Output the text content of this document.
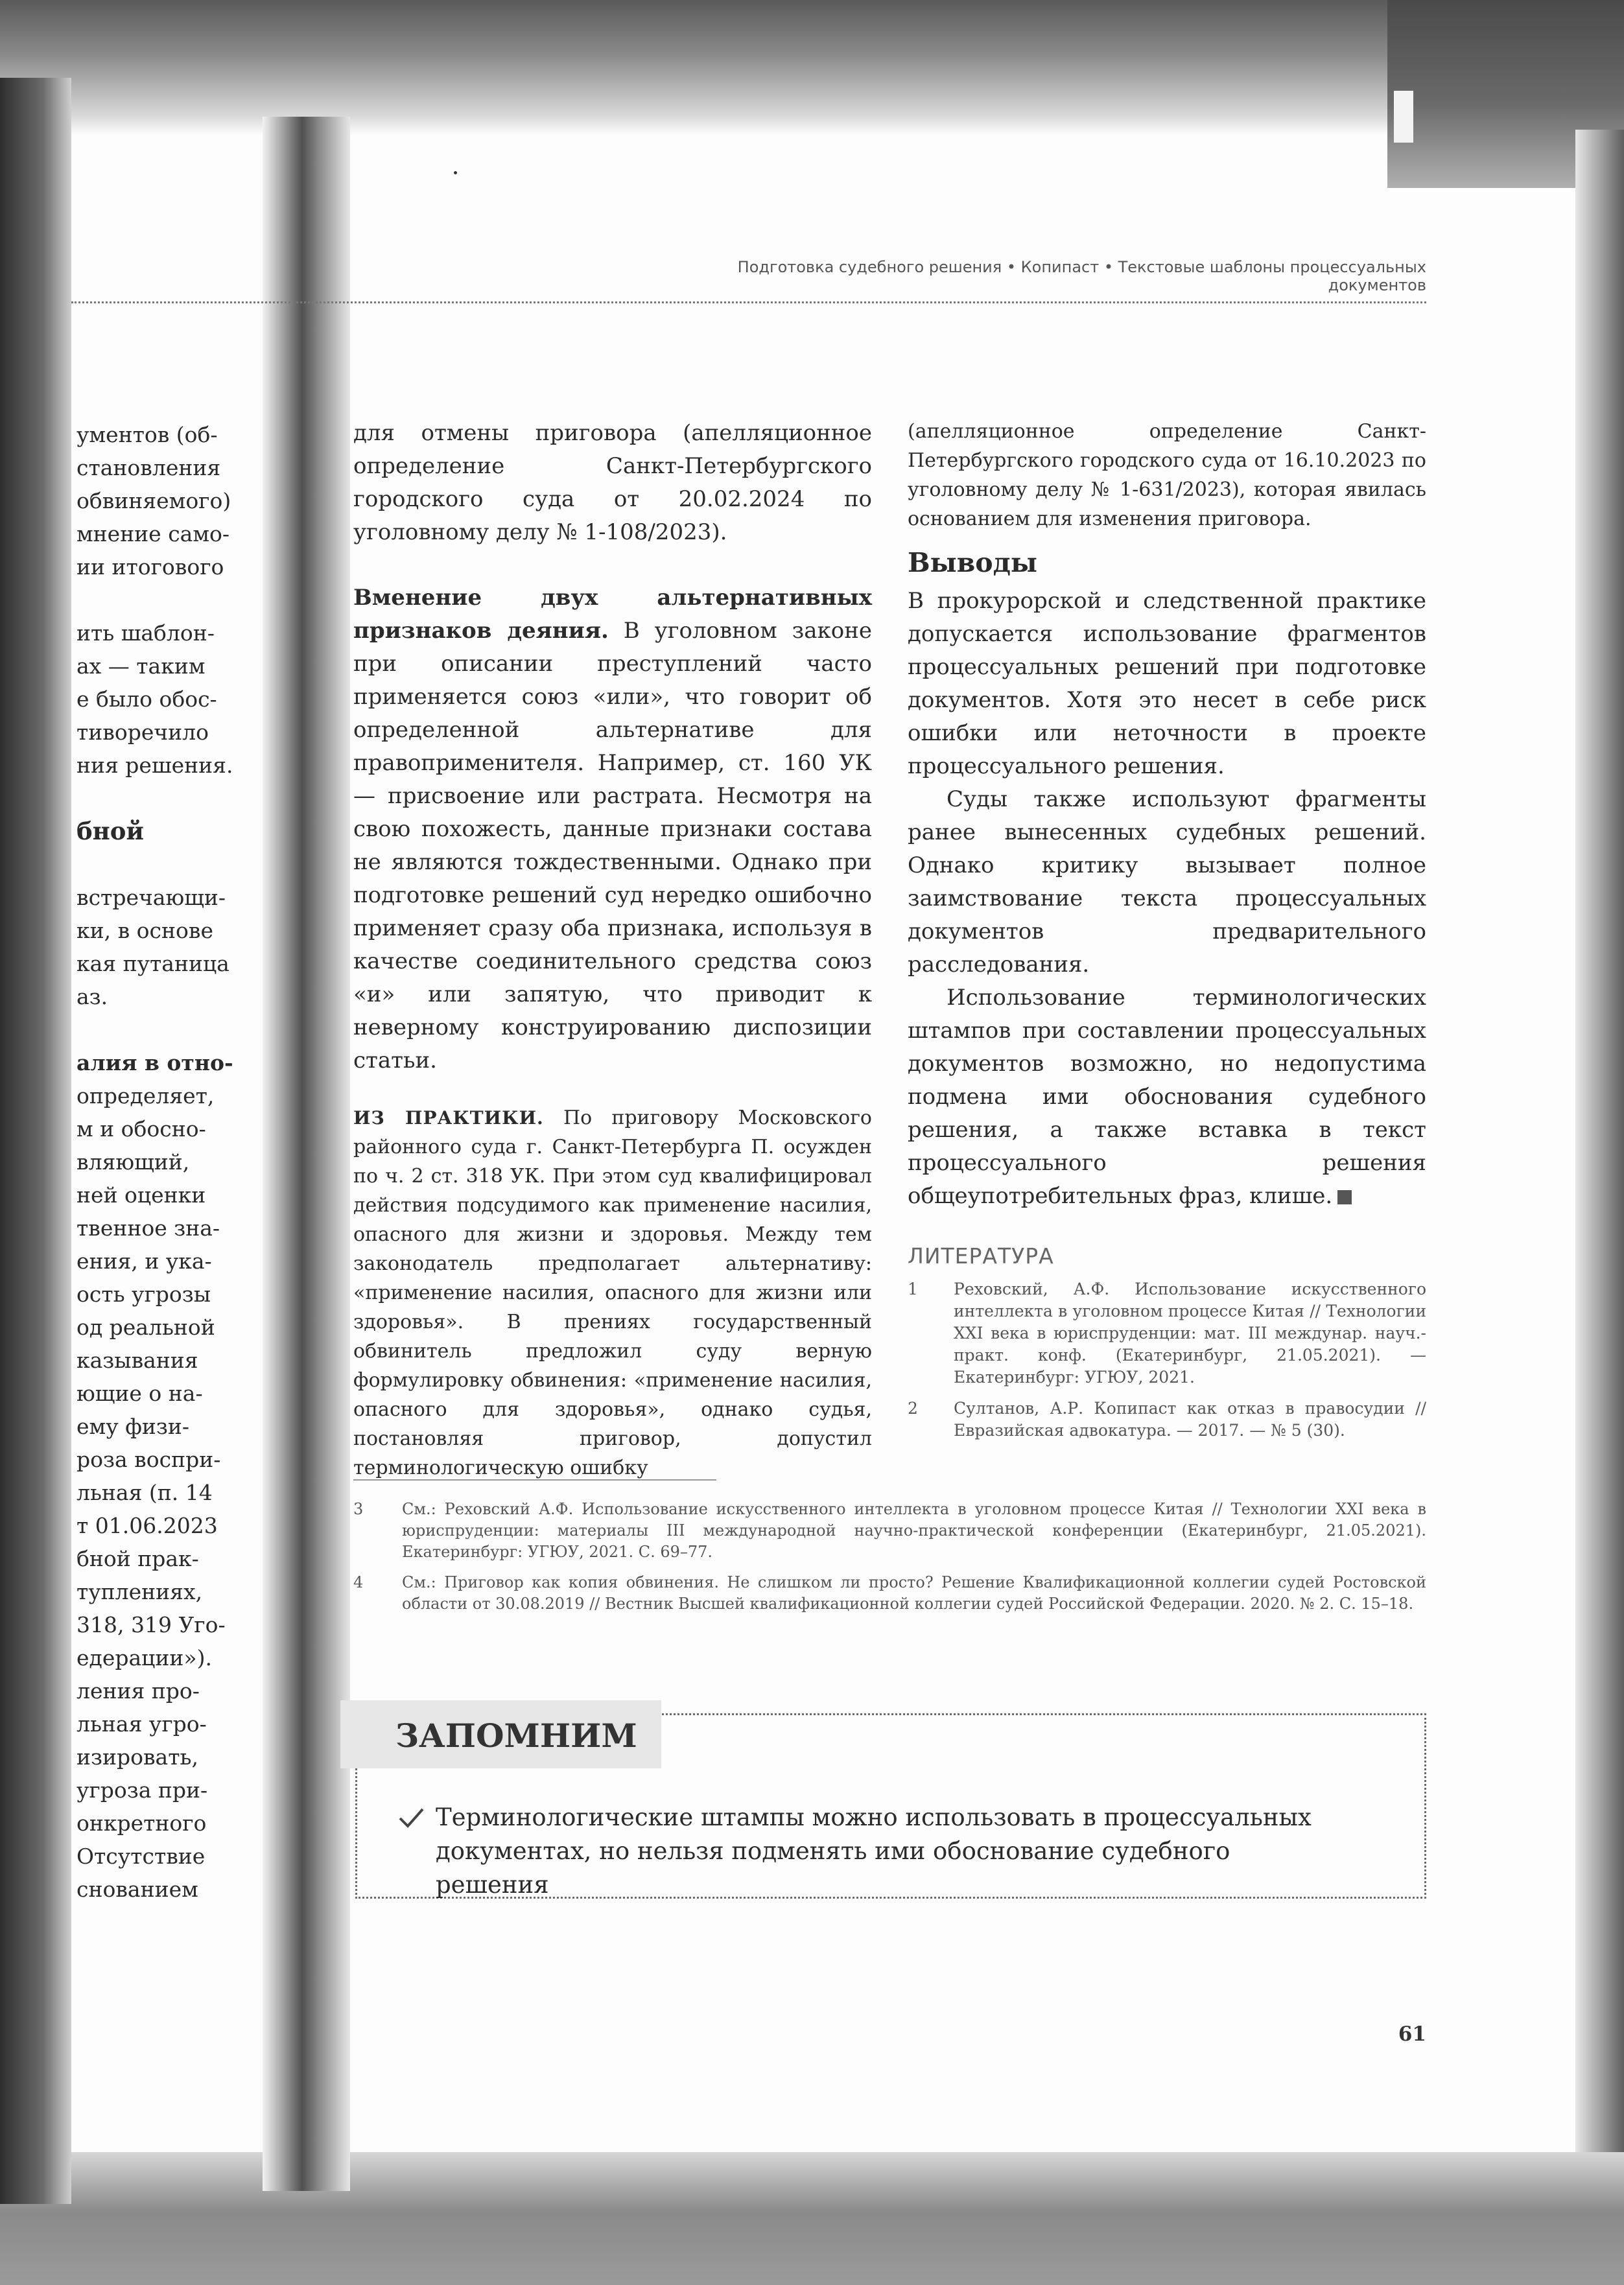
ументов (об-
становления
обвиняемого)
мнение само-
ии итогового
ить шаблон-
ах — таким
е было обос-
тиворечило
ния решения.
бной
встречающи-
ки, в основе
кая путаница
аз.
алия в отно-
определяет,
м и обосно-
вляющий,
ней оценки
твенное зна-
ения, и ука-
ость угрозы
од реальной
казывания
ющие о на-
ему физи-
роза воспри-
льная (п. 14
т 01.06.2023
бной прак-
туплениях,
318, 319 Уго-
едерации»).
ления про-
льная угро-
изировать,
угроза при-
онкретного
Отсутствие
снованием
Подготовка судебного решения • Копипаст • Текстовые шаблоны процессуальных документов

для отмены приговора (апелляционное определение Санкт-Петербургского городского суда от 20.02.2024 по уголовному делу № 1-108/2023).

Вменение двух альтернативных признаков деяния. В уголовном законе при описании преступлений часто применяется союз «или», что говорит об определенной альтернативе для правоприменителя. Например, ст. 160 УК — присвоение или растрата. Несмотря на свою похожесть, данные признаки состава не являются тождественными. Однако при подготовке решений суд нередко ошибочно применяет сразу оба признака, используя в качестве соединительного средства союз «и» или запятую, что приводит к неверному конструированию диспозиции статьи.

ИЗ ПРАКТИКИ. По приговору Московского районного суда г. Санкт-Петербурга П. осужден по ч. 2 ст. 318 УК. При этом суд квалифицировал действия подсудимого как применение насилия, опасного для жизни и здоровья. Между тем законодатель предполагает альтернативу: «применение насилия, опасного для жизни или здоровья». В прениях государственный обвинитель предложил суду верную формулировку обвинения: «применение насилия, опасного для здоровья», однако судья, постановляя приговор, допустил терминологическую ошибку

(апелляционное определение Санкт-Петербургского городского суда от 16.10.2023 по уголовному делу № 1-631/2023), которая явилась основанием для изменения приговора.

Выводы

В прокурорской и следственной практике допускается использование фрагментов процессуальных решений при подготовке документов. Хотя это несет в себе риск ошибки или неточности в проекте процессуального решения.

Суды также используют фрагменты ранее вынесенных судебных решений. Однако критику вызывает полное заимствование текста процессуальных документов предварительного расследования.

Использование терминологических штампов при составлении процессуальных документов возможно, но недопустима подмена ими обоснования судебного решения, а также вставка в текст процессуального решения общеупотребительных фраз, клише.

ЛИТЕРАТУРА
1	Реховский, А.Ф. Использование искусственного интеллекта в уголовном процессе Китая // Технологии XXI века в юриспруденции: мат. III междунар. науч.-практ. конф. (Екатеринбург, 21.05.2021). — Екатеринбург: УГЮУ, 2021.
2	Султанов, А.Р. Копипаст как отказ в правосудии // Евразийская адвокатура. — 2017. — № 5 (30).
3	См.: Реховский А.Ф. Использование искусственного интеллекта в уголовном процессе Китая // Технологии XXI века в юриспруденции: материалы III международной научно-практической конференции (Екатеринбург, 21.05.2021). Екатеринбург: УГЮУ, 2021. С. 69–77.
4	См.: Приговор как копия обвинения. Не слишком ли просто? Решение Квалификационной коллегии судей Ростовской области от 30.08.2019 // Вестник Высшей квалификационной коллегии судей Российской Федерации. 2020. № 2. С. 15–18.
ЗАПОМНИМ
Терминологические штампы можно использовать в процессуальных
документах, но нельзя подменять ими обоснование судебного решения
61
